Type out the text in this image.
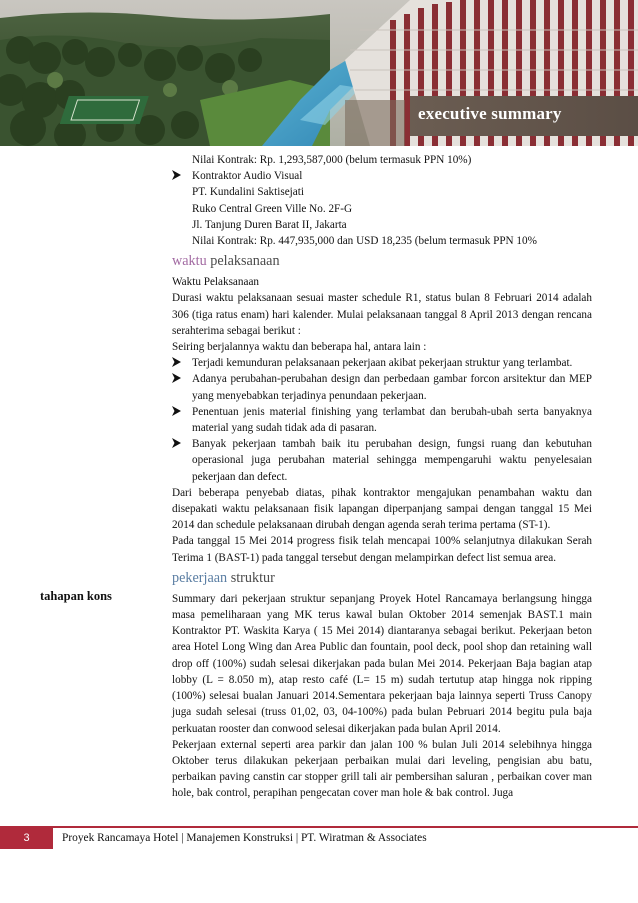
executive summary
tahapan kons

Nilai Kontrak: Rp. 1,293,587,000 (belum termasuk PPN 10%)

Kontraktor Audio Visual

PT. Kundalini Saktisejati

Ruko Central Green Ville No. 2F-G

Jl. Tanjung Duren Barat II, Jakarta

Nilai Kontrak: Rp. 447,935,000 dan USD 18,235 (belum termasuk PPN 10%

waktu pelaksanaan

Waktu Pelaksanaan

Durasi waktu pelaksanaan sesuai master schedule R1, status bulan 8 Februari 2014 adalah 306 (tiga ratus enam) hari kalender. Mulai pelaksanaan tanggal 8 April 2013 dengan rencana serahterima sebagai berikut :

Seiring berjalannya waktu dan beberapa hal, antara lain :

Terjadi kemunduran pelaksanaan pekerjaan akibat pekerjaan struktur yang terlambat.

Adanya perubahan-perubahan design dan perbedaan gambar forcon arsitektur dan MEP yang menyebabkan terjadinya penundaan pekerjaan.

Penentuan jenis material finishing yang terlambat dan berubah-ubah serta banyaknya material yang sudah tidak ada di pasaran.

Banyak pekerjaan tambah baik itu perubahan design, fungsi ruang dan kebutuhan operasional juga perubahan material sehingga mempengaruhi waktu penyelesaian pekerjaan dan defect.

Dari beberapa penyebab diatas, pihak kontraktor mengajukan penambahan waktu dan disepakati waktu pelaksanaan fisik lapangan diperpanjang sampai dengan tanggal 15 Mei 2014 dan schedule pelaksanaan dirubah dengan agenda serah terima pertama (ST-1).

Pada tanggal 15 Mei 2014 progress fisik telah mencapai 100% selanjutnya dilakukan Serah Terima 1 (BAST-1) pada tanggal tersebut dengan melampirkan defect list semua area.

pekerjaan struktur

Summary dari pekerjaan struktur sepanjang Proyek Hotel Rancamaya berlangsung hingga masa pemeliharaan yang MK terus kawal bulan Oktober 2014 semenjak BAST.1 main Kontraktor PT. Waskita Karya ( 15 Mei 2014) diantaranya sebagai berikut. Pekerjaan beton area Hotel Long Wing dan Area Public dan fountain, pool deck, pool shop dan retaining wall drop off (100%) sudah selesai dikerjakan pada bulan Mei 2014. Pekerjaan Baja bagian atap lobby (L = 8.050 m), atap resto café (L= 15 m) sudah tertutup atap hingga nok ripping (100%) selesai bualan Januari 2014.Sementara pekerjaan baja lainnya seperti Truss Canopy juga sudah selesai (truss 01,02, 03, 04-100%) pada bulan Pebruari 2014 begitu pula baja perkuatan rooster dan conwood selesai dikerjakan pada bulan April 2014.

Pekerjaan external seperti area parkir dan jalan 100 % bulan Juli 2014 selebihnya hingga Oktober terus dilakukan pekerjaan perbaikan mulai dari leveling, pengisian abu batu, perbaikan paving canstin car stopper grill tali air pembersihan saluran , perbaikan cover man hole, bak control, perapihan pengecatan cover man hole & bak control. Juga

3	Proyek Rancamaya Hotel | Manajemen Konstruksi | PT. Wiratman & Associates
